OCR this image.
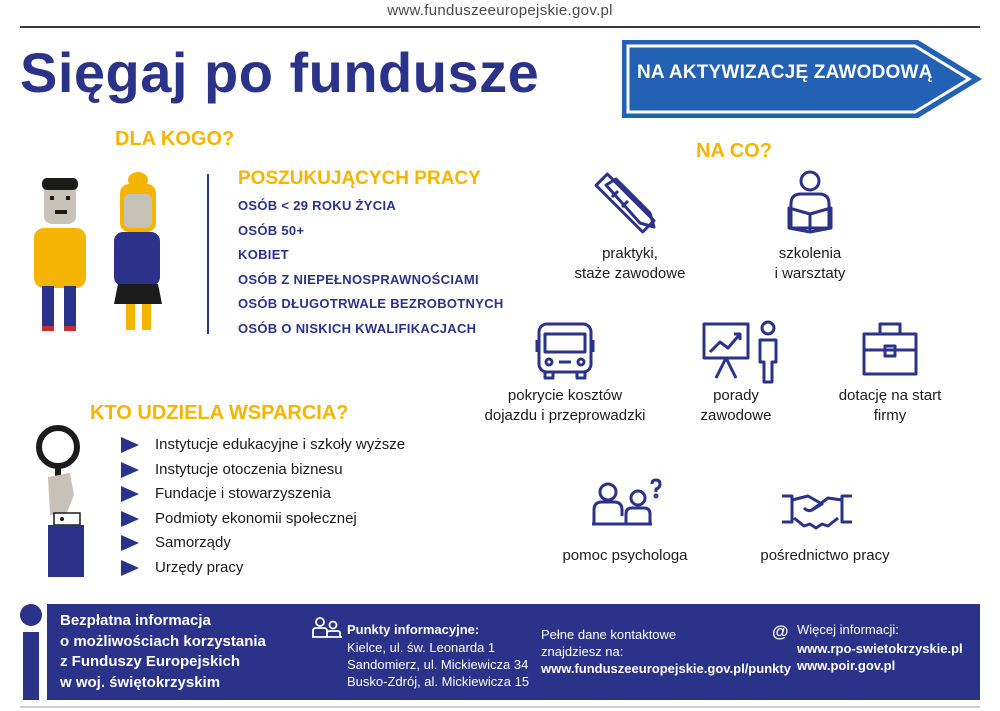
www.funduszeeuropejskie.gov.pl
Sięgaj po fundusze	NA AKTYWIZACJĘ ZAWODOWĄ
DLA KOGO?
POSZUKUJĄCYCH PRACY
OSÓB < 29 ROKU ŻYCIA
OSÓB 50+
KOBIET
OSÓB Z NIEPEŁNOSPRAWNOŚCIAMI
OSÓB DŁUGOTRWALE BEZROBOTNYCH
OSÓB O NISKICH KWALIFIKACJACH
KTO UDZIELA WSPARCIA?
Instytucje edukacyjne i szkoły wyższe
Instytucje otoczenia biznesu
Fundacje i stowarzyszenia
Podmioty ekonomii społecznej
Samorządy
Urzędy pracy
NA CO?
praktyki,
staże zawodowe
szkolenia
i warsztaty
pokrycie kosztów
dojazdu i przeprowadzki
porady
zawodowe
dotację na start
firmy
pomoc psychologa	pośrednictwo pracy
Bezpłatna informacja
o możliwościach korzystania
z Funduszy Europejskich
w woj. świętokrzyskim
Punkty informacyjne:
Kielce, ul. św. Leonarda 1
Sandomierz, ul. Mickiewicza 34
Busko-Zdrój, al. Mickiewicza 15
Pełne dane kontaktowe
znajdziesz na:
www.funduszeeuropejskie.gov.pl/punkty
@ Więcej informacji:
www.rpo-swietokrzyskie.pl
www.poir.gov.pl
